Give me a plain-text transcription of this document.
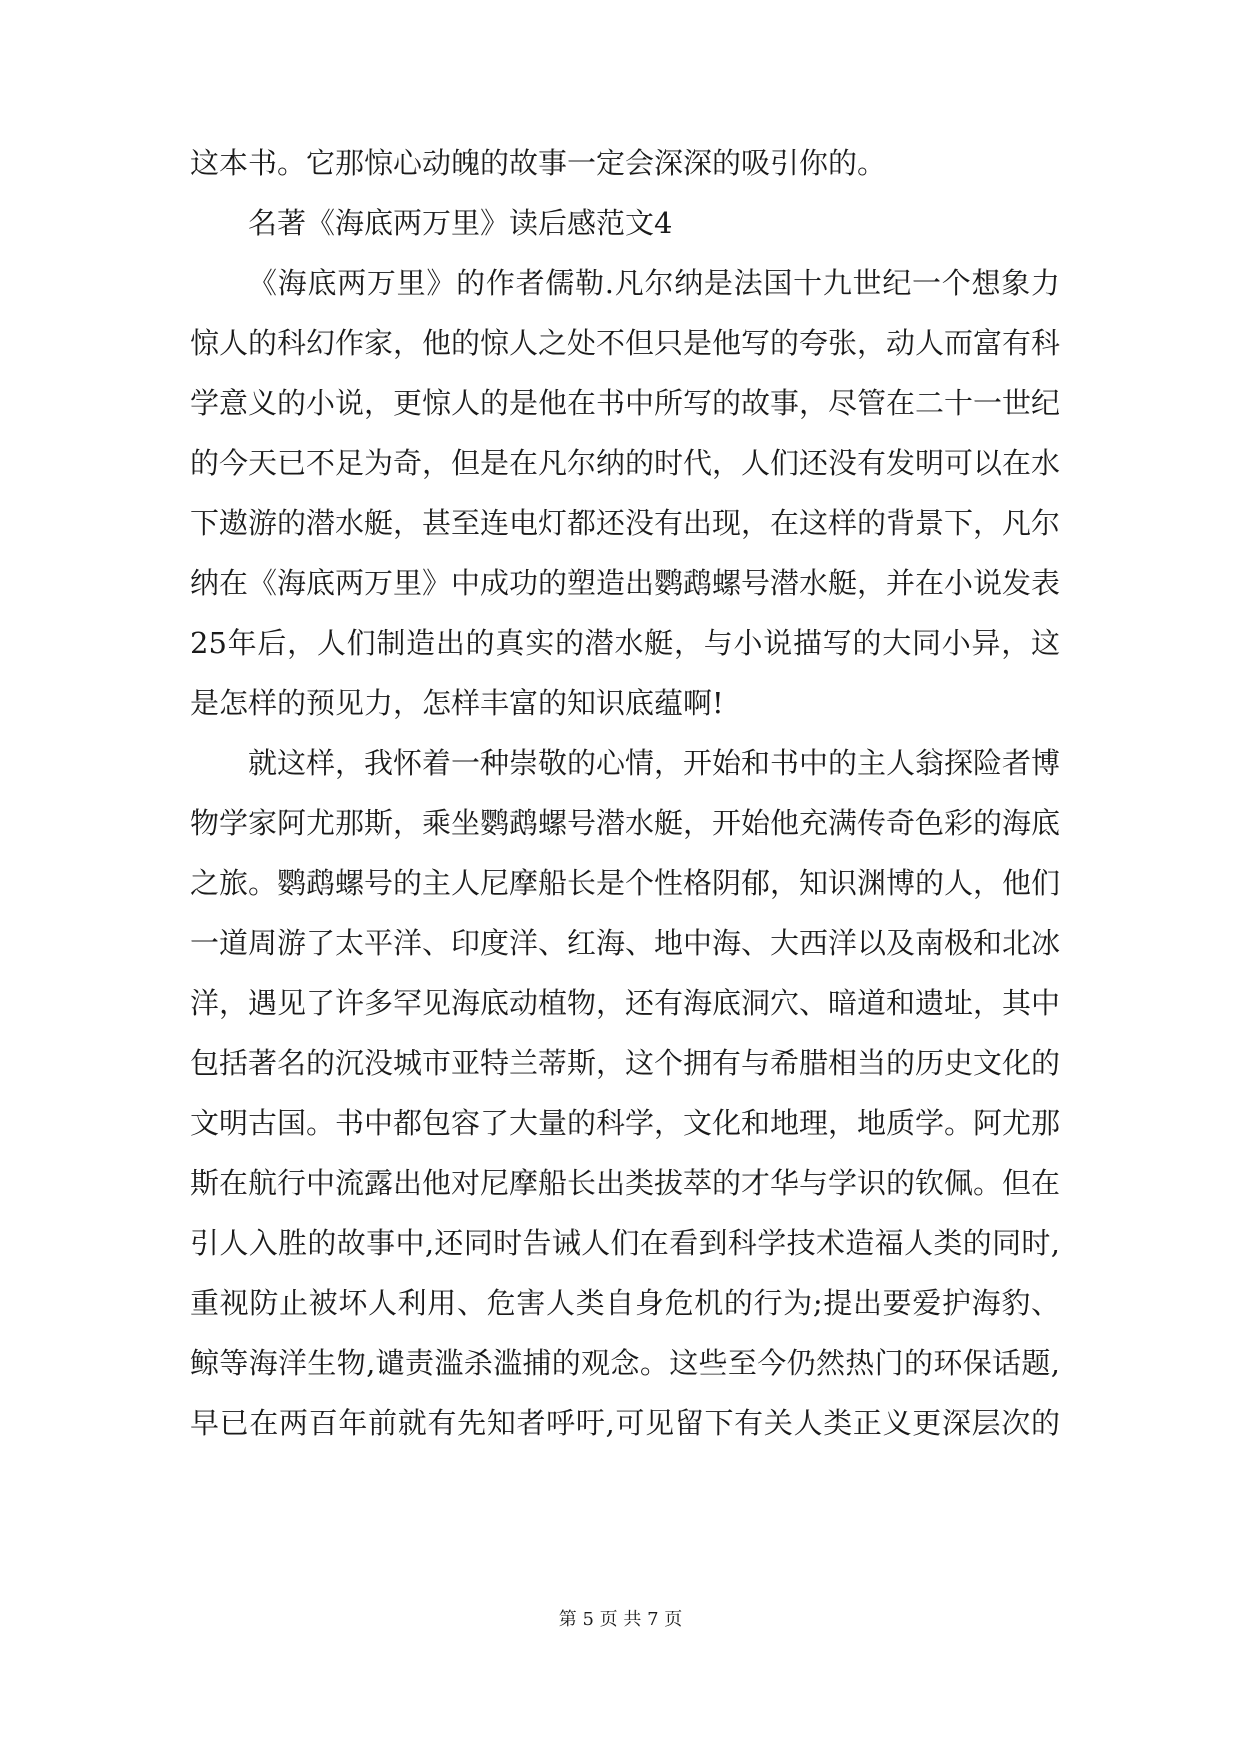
这本书。它那惊心动魄的故事一定会深深的吸引你的。
名著《海底两万里》读后感范文4
《海底两万里》的作者儒勒.凡尔纳是法国十九世纪一个想象力
惊人的科幻作家，他的惊人之处不但只是他写的夸张，动人而富有科
学意义的小说，更惊人的是他在书中所写的故事，尽管在二十一世纪
的今天已不足为奇，但是在凡尔纳的时代，人们还没有发明可以在水
下遨游的潜水艇，甚至连电灯都还没有出现，在这样的背景下，凡尔
纳在《海底两万里》中成功的塑造出鹦鹉螺号潜水艇，并在小说发表
25年后，人们制造出的真实的潜水艇，与小说描写的大同小异，这
是怎样的预见力，怎样丰富的知识底蕴啊!
就这样，我怀着一种崇敬的心情，开始和书中的主人翁探险者博
物学家阿尤那斯，乘坐鹦鹉螺号潜水艇，开始他充满传奇色彩的海底
之旅。鹦鹉螺号的主人尼摩船长是个性格阴郁，知识渊博的人，他们
一道周游了太平洋、印度洋、红海、地中海、大西洋以及南极和北冰
洋，遇见了许多罕见海底动植物，还有海底洞穴、暗道和遗址，其中
包括著名的沉没城市亚特兰蒂斯，这个拥有与希腊相当的历史文化的
文明古国。书中都包容了大量的科学，文化和地理，地质学。阿尤那
斯在航行中流露出他对尼摩船长出类拔萃的才华与学识的钦佩。但在
引人入胜的故事中,还同时告诫人们在看到科学技术造福人类的同时,
重视防止被坏人利用、危害人类自身危机的行为;提出要爱护海豹、
鲸等海洋生物,谴责滥杀滥捕的观念。这些至今仍然热门的环保话题,
早已在两百年前就有先知者呼吁,可见留下有关人类正义更深层次的
第 5 页 共 7 页
